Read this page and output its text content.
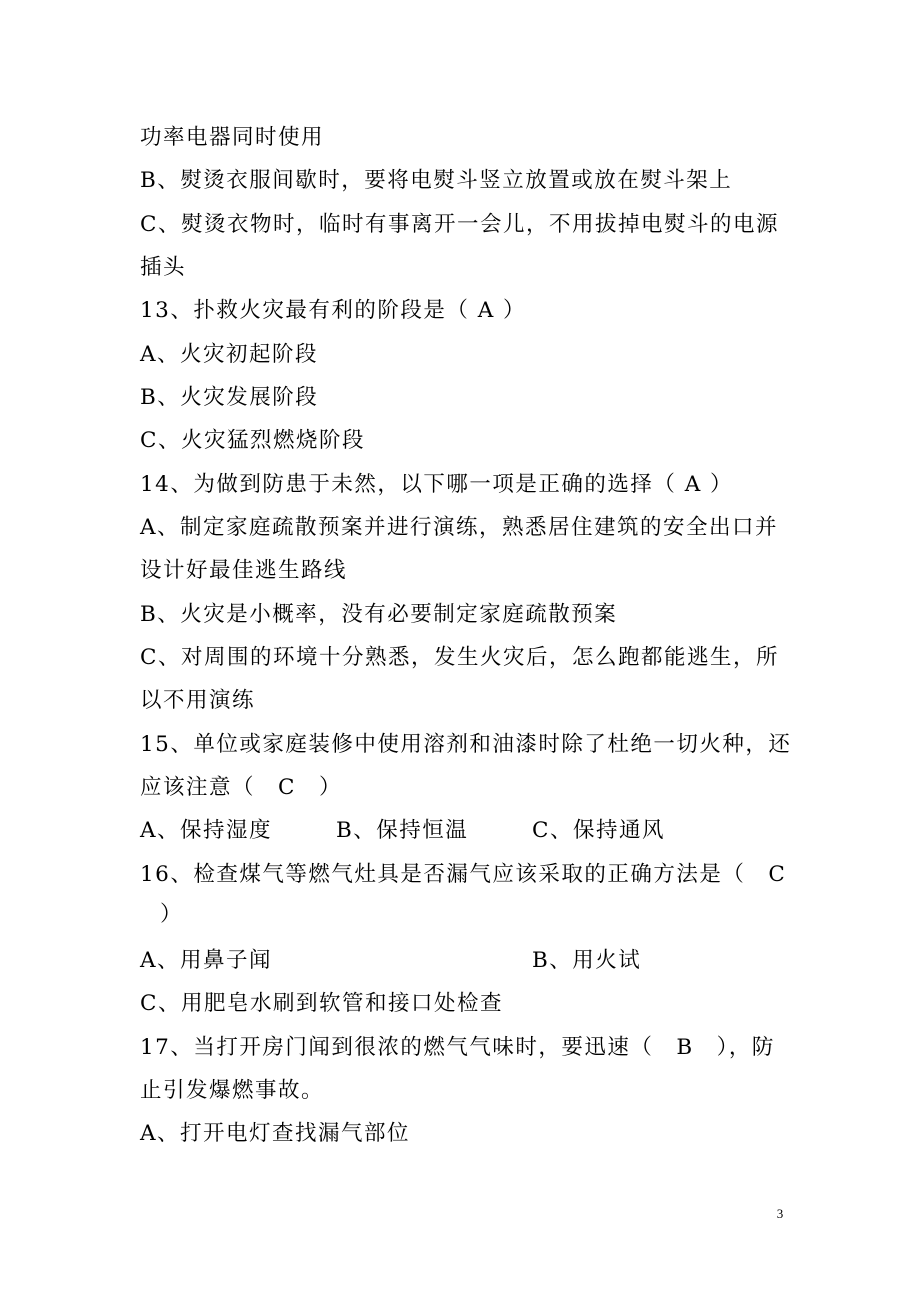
功率电器同时使用
B、熨烫衣服间歇时，要将电熨斗竖立放置或放在熨斗架上
C、熨烫衣物时，临时有事离开一会儿，不用拔掉电熨斗的电源
插头
13、扑救火灾最有利的阶段是（ A ）
A、火灾初起阶段
B、火灾发展阶段
C、火灾猛烈燃烧阶段
14、为做到防患于未然，以下哪一项是正确的选择（ A ）
A、制定家庭疏散预案并进行演练，熟悉居住建筑的安全出口并
设计好最佳逃生路线
B、火灾是小概率，没有必要制定家庭疏散预案
C、对周围的环境十分熟悉，发生火灾后，怎么跑都能逃生，所
以不用演练
15、单位或家庭装修中使用溶剂和油漆时除了杜绝一切火种，还
应该注意（　C　）
A、保持湿度	B、保持恒温	C、保持通风
16、检查煤气等燃气灶具是否漏气应该采取的正确方法是（　C
）
A、用鼻子闻	B、用火试
C、用肥皂水刷到软管和接口处检查
17、当打开房门闻到很浓的燃气气味时，要迅速（　B　），防
止引发爆燃事故。
A、打开电灯查找漏气部位
3
